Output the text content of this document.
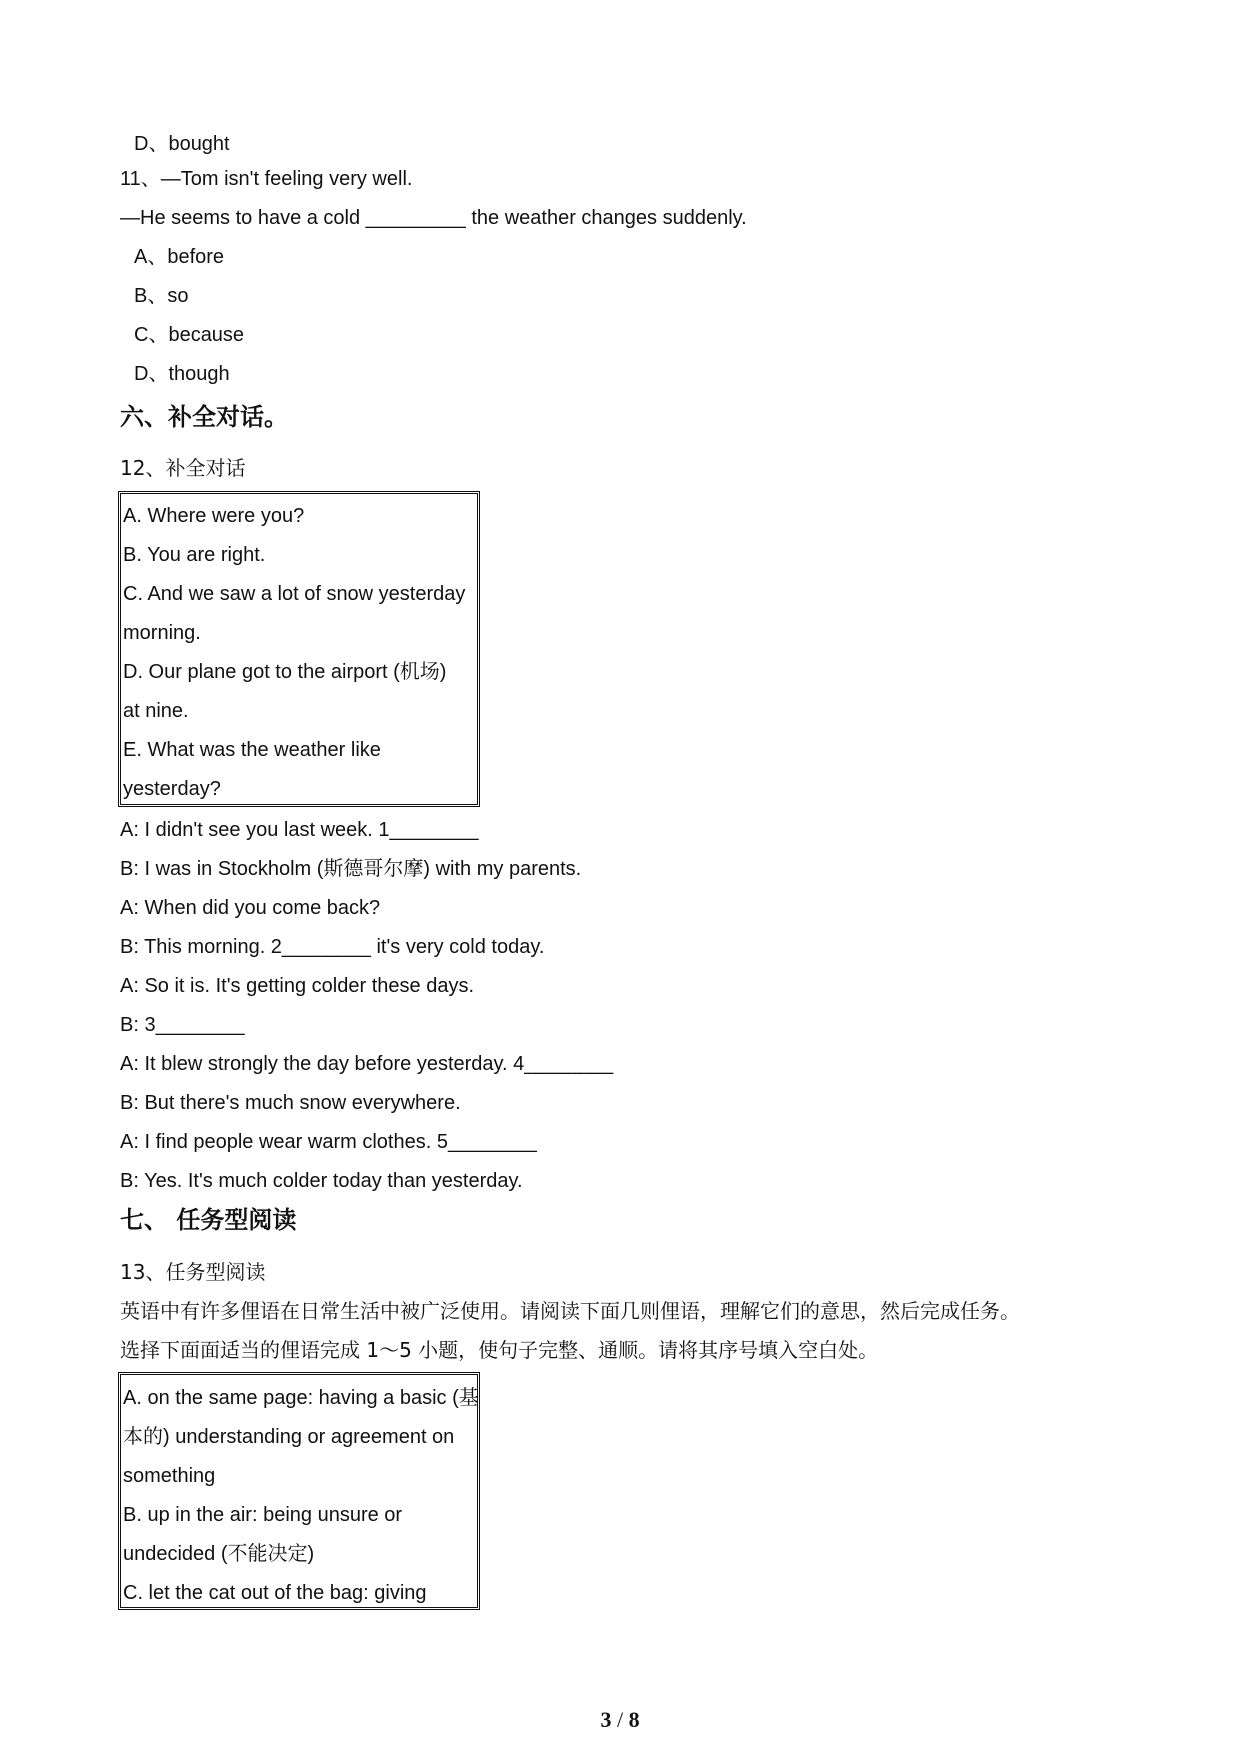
D、bought
11、—Tom isn't feeling very well.
—He seems to have a cold _________ the weather changes suddenly.
A、before
B、so
C、because
D、though
六、补全对话。
12、补全对话
A. Where were you?
B. You are right.
C. And we saw a lot of snow yesterday
morning.
D. Our plane got to the airport (机场)
at nine.
E. What was the weather like
yesterday?
A: I didn't see you last week. 1________
B: I was in Stockholm (斯德哥尔摩) with my parents.
A: When did you come back?
B: This morning. 2________ it's very cold today.
A: So it is. It's getting colder these days.
B: 3________
A: It blew strongly the day before yesterday. 4________
B: But there's much snow everywhere.
A: I find people wear warm clothes. 5________
B: Yes. It's much colder today than yesterday.
七、 任务型阅读
13、任务型阅读
英语中有许多俚语在日常生活中被广泛使用。请阅读下面几则俚语，理解它们的意思，然后完成任务。
选择下面面适当的俚语完成 1～5 小题，使句子完整、通顺。请将其序号填入空白处。
A. on the same page: having a basic (基
本的) understanding or agreement on
something
B. up in the air: being unsure or
undecided (不能决定)
C. let the cat out of the bag: giving
3 / 8
